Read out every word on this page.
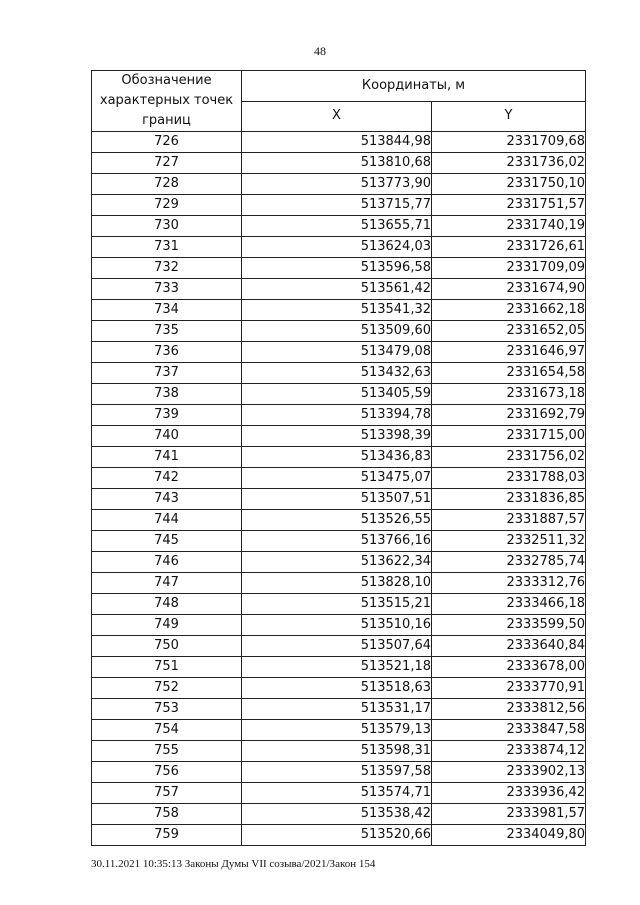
48
Обозначение характерных точек границ	Координаты, м	
	X	Y
726	513844,98	2331709,68
727	513810,68	2331736,02
728	513773,90	2331750,10
729	513715,77	2331751,57
730	513655,71	2331740,19
731	513624,03	2331726,61
732	513596,58	2331709,09
733	513561,42	2331674,90
734	513541,32	2331662,18
735	513509,60	2331652,05
736	513479,08	2331646,97
737	513432,63	2331654,58
738	513405,59	2331673,18
739	513394,78	2331692,79
740	513398,39	2331715,00
741	513436,83	2331756,02
742	513475,07	2331788,03
743	513507,51	2331836,85
744	513526,55	2331887,57
745	513766,16	2332511,32
746	513622,34	2332785,74
747	513828,10	2333312,76
748	513515,21	2333466,18
749	513510,16	2333599,50
750	513507,64	2333640,84
751	513521,18	2333678,00
752	513518,63	2333770,91
753	513531,17	2333812,56
754	513579,13	2333847,58
755	513598,31	2333874,12
756	513597,58	2333902,13
757	513574,71	2333936,42
758	513538,42	2333981,57
759	513520,66	2334049,80
30.11.2021 10:35:13 Законы Думы VII созыва/2021/Закон 154
